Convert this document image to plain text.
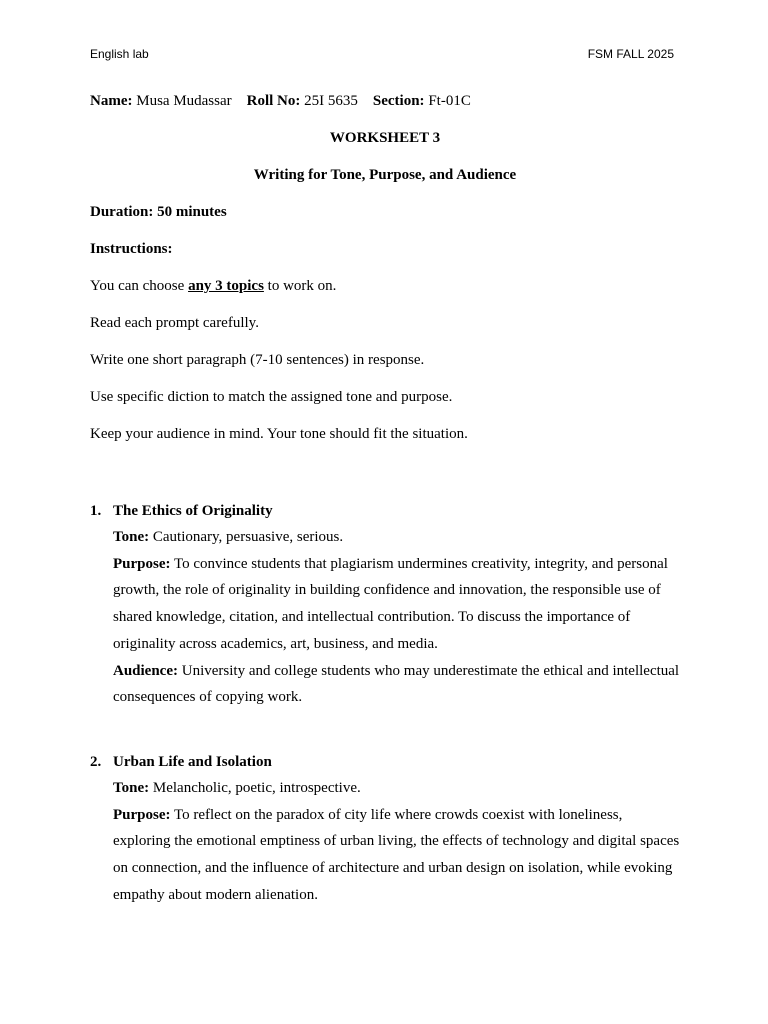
English lab	FSM FALL 2025

Name: Musa Mudassar Roll No: 25I 5635 Section: Ft-01C

WORKSHEET 3

Writing for Tone, Purpose, and Audience

Duration: 50 minutes

Instructions:

You can choose any 3 topics to work on.

Read each prompt carefully.

Write one short paragraph (7-10 sentences) in response.

Use specific diction to match the assigned tone and purpose.

Keep your audience in mind. Your tone should fit the situation.

1. The Ethics of Originality

Tone: Cautionary, persuasive, serious.

Purpose: To convince students that plagiarism undermines creativity, integrity, and personal growth, the role of originality in building confidence and innovation, the responsible use of shared knowledge, citation, and intellectual contribution. To discuss the importance of originality across academics, art, business, and media.

Audience: University and college students who may underestimate the ethical and intellectual consequences of copying work.

2. Urban Life and Isolation

Tone: Melancholic, poetic, introspective.

Purpose: To reflect on the paradox of city life where crowds coexist with loneliness, exploring the emotional emptiness of urban living, the effects of technology and digital spaces on connection, and the influence of architecture and urban design on isolation, while evoking empathy about modern alienation.
